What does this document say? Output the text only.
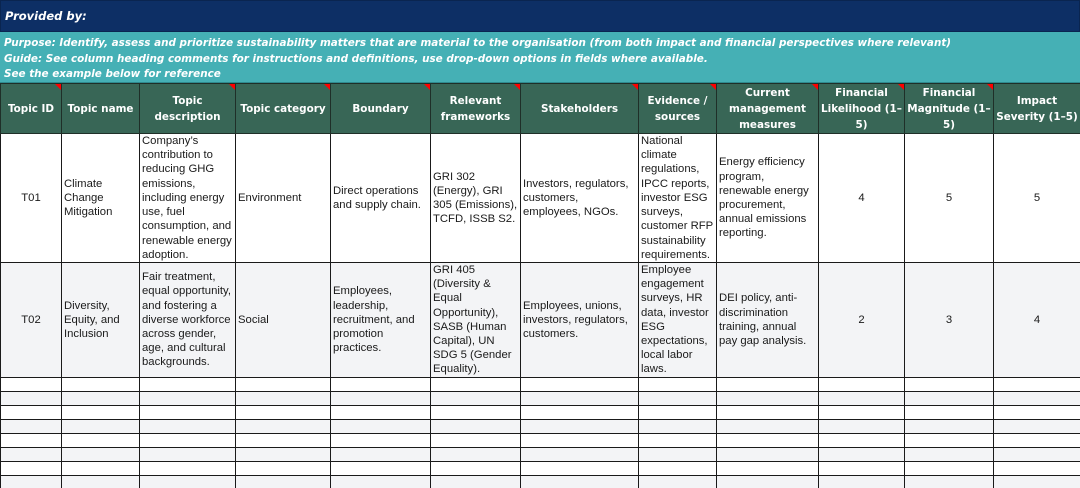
Provided by:
Purpose: Identify, assess and prioritize sustainability matters that are material to the organisation (from both impact and financial perspectives where relevant)
Guide: See column heading comments for instructions and definitions, use drop-down options in fields where available.
See the example below for reference
Topic ID	Topic name	Topic description	Topic category	Boundary	Relevant frameworks	Stakeholders	Evidence / sources	Current management measures	Financial Likelihood (1–5)	Financial Magnitude (1–5)	Impact Severity (1–5)
T01	Climate Change Mitigation	Company’s contribution to reducing GHG emissions, including energy use, fuel consumption, and renewable energy adoption.	Environment	Direct operations and supply chain.	GRI 302 (Energy), GRI 305 (Emissions), TCFD, ISSB S2.	Investors, regulators, customers, employees, NGOs.	National climate regulations, IPCC reports, investor ESG surveys, customer RFP sustainability requirements.	Energy efficiency program, renewable energy procurement, annual emissions reporting.	4	5	5
T02	Diversity, Equity, and Inclusion	Fair treatment, equal opportunity, and fostering a diverse workforce across gender, age, and cultural backgrounds.	Social	Employees, leadership, recruitment, and promotion practices.	GRI 405 (Diversity & Equal Opportunity), SASB (Human Capital), UN SDG 5 (Gender Equality).	Employees, unions, investors, regulators, customers.	Employee engagement surveys, HR data, investor ESG expectations, local labor laws.	DEI policy, anti-discrimination training, annual pay gap analysis.	2	3	4
